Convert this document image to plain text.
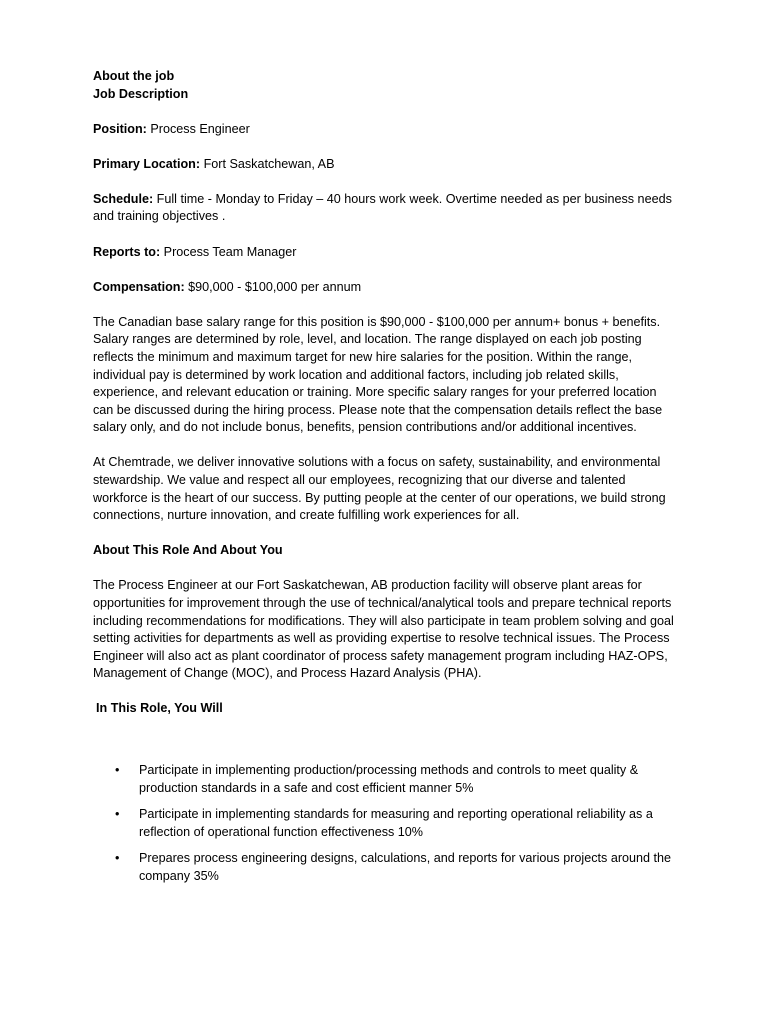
About the job

Job Description

Position: Process Engineer

Primary Location: Fort Saskatchewan, AB

Schedule: Full time - Monday to Friday – 40 hours work week. Overtime needed as per business needs and training objectives .

Reports to: Process Team Manager

Compensation: $90,000 - $100,000 per annum

The Canadian base salary range for this position is $90,000 - $100,000 per annum+ bonus + benefits. Salary ranges are determined by role, level, and location. The range displayed on each job posting reflects the minimum and maximum target for new hire salaries for the position. Within the range, individual pay is determined by work location and additional factors, including job related skills, experience, and relevant education or training. More specific salary ranges for your preferred location can be discussed during the hiring process. Please note that the compensation details reflect the base salary only, and do not include bonus, benefits, pension contributions and/or additional incentives.

At Chemtrade, we deliver innovative solutions with a focus on safety, sustainability, and environmental stewardship. We value and respect all our employees, recognizing that our diverse and talented workforce is the heart of our success. By putting people at the center of our operations, we build strong connections, nurture innovation, and create fulfilling work experiences for all.

About This Role And About You

The Process Engineer at our Fort Saskatchewan, AB production facility will observe plant areas for opportunities for improvement through the use of technical/analytical tools and prepare technical reports including recommendations for modifications. They will also participate in team problem solving and goal setting activities for departments as well as providing expertise to resolve technical issues. The Process Engineer will also act as plant coordinator of process safety management program including HAZ-OPS, Management of Change (MOC), and Process Hazard Analysis (PHA).

In This Role, You Will

• Participate in implementing production/processing methods and controls to meet quality & production standards in a safe and cost efficient manner 5%
• Participate in implementing standards for measuring and reporting operational reliability as a reflection of operational function effectiveness 10%
• Prepares process engineering designs, calculations, and reports for various projects around the company 35%
